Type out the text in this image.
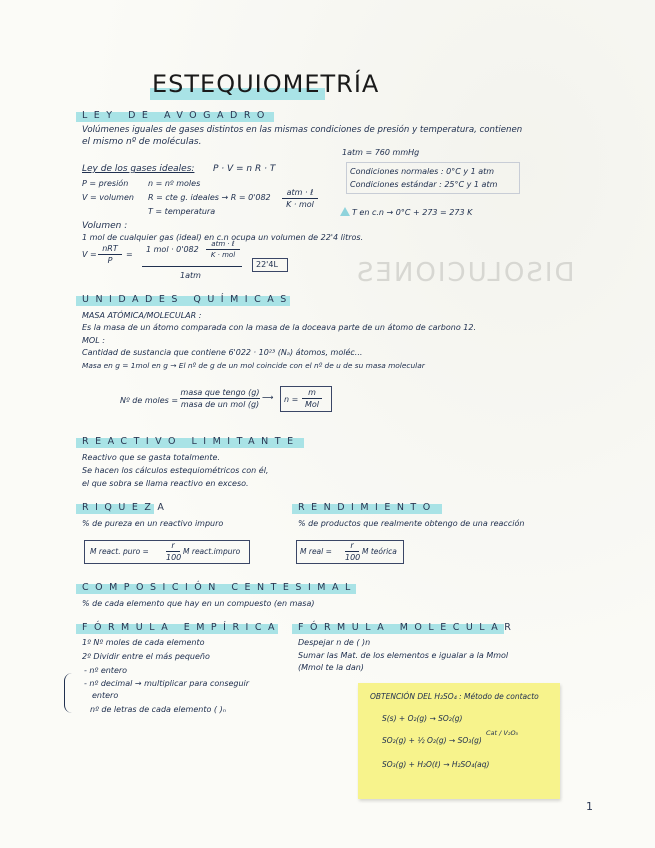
ESTEQUIOMETRÍA
LEY DE AVOGADRO
Volúmenes iguales de gases distintos en las mismas condiciones de presión y temperatura, contienen
el mismo nº de moléculas.
1atm = 760 mmHg
Ley de los gases ideales: P · V = n R · T
P = presión n = nº moles
V = volumen R = cte g. ideales → R = 0'082
atm · ℓ
K · mol
T = temperatura
Condiciones normales : 0°C y 1 atm
Condiciones estándar : 25°C y 1 atm
T en c.n → 0°C + 273 = 273 K
Volumen :
1 mol de cualquier gas (ideal) en c.n ocupa un volumen de 22'4 litros.
V =
nRT
P
=
1 mol · 0'082
atm · ℓ
K · mol
1atm
22'4L	DISOLUCIONES
UNIDADES QUÍMICAS
MASA ATÓMICA/MOLECULAR :
Es la masa de un átomo comparada con la masa de la doceava parte de un átomo de carbono 12.
MOL :
Cantidad de sustancia que contiene 6'022 · 10²³ (Nₐ) átomos, moléc...
Masa en g = 1mol en g → El nº de g de un mol coincide con el nº de u de su masa molecular
Nº de moles =
masa que tengo (g)
masa de un mol (g)
⟶ n =
m
Mol
REACTIVO LIMITANTE
Reactivo que se gasta totalmente.
Se hacen los cálculos estequiométricos con él,
el que sobra se llama reactivo en exceso.
RIQUEZA
% de pureza en un reactivo impuro
M react. puro =
r
100
M react.impuro
RENDIMIENTO
% de productos que realmente obtengo de una reacción
M real =
r
100
M teórica
COMPOSICIÓN CENTESIMAL
% de cada elemento que hay en un compuesto (en masa)
FÓRMULA EMPÍRICA
1º Nº moles de cada elemento
2º Dividir entre el más pequeño
- nº entero
- nº decimal → multiplicar para conseguir
entero
nº de letras de cada elemento ( )ₙ
FÓRMULA MOLECULAR
Despejar n de ( )n
Sumar las Mat. de los elementos e igualar a la Mmol
(Mmol te la dan)
OBTENCIÓN DEL H₂SO₄ : Método de contacto
S(s) + O₂(g) → SO₂(g)
SO₂(g) + ½ O₂(g) → SO₃(g)
Cat / V₂O₅
SO₃(g) + H₂O(ℓ) → H₂SO₄(aq)
1
